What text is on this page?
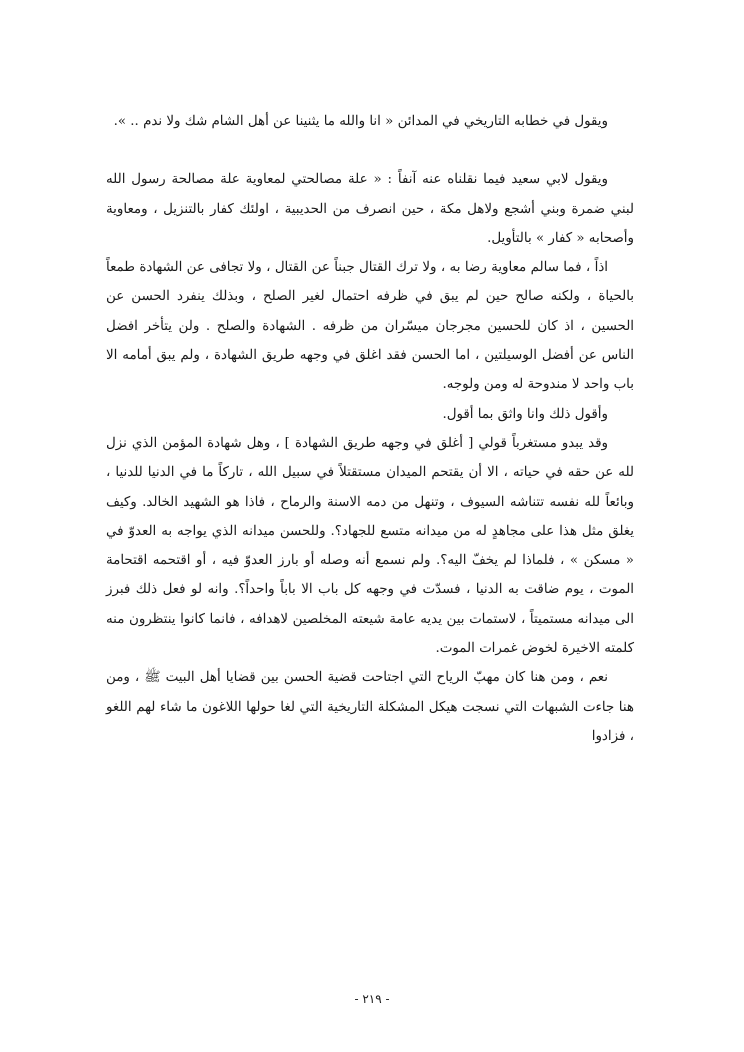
ويقول في خطابه التاريخي في المدائن « انا والله ما يثنينا عن أهل الشام شك ولا ندم .. ».

ويقول لابي سعيد فيما نقلناه عنه آنفاً : « علة مصالحتي لمعاوية علة مصالحة رسول الله لبني ضمرة وبني أشجع ولاهل مكة ، حين انصرف من الحديبية ، اولئك كفار بالتنزيل ، ومعاوية وأصحابه « كفار » بالتأويل.

اذاً ، فما سالم معاوية رضا به ، ولا ترك القتال جبناً عن القتال ، ولا تجافى عن الشهادة طمعاً بالحياة ، ولكنه صالح حين لم يبق في ظرفه احتمال لغير الصلح ، وبذلك ينفرد الحسن عن الحسين ، اذ كان للحسين مجرجان ميسّران من ظرفه . الشهادة والصلح . ولن يتأخر افضل الناس عن أفضل الوسيلتين ، اما الحسن فقد اغلق في وجهه طريق الشهادة ، ولم يبق أمامه الا باب واحد لا مندوحة له ومن ولوجه.

وأقول ذلك وانا واثق بما أقول.

وقد يبدو مستغرباً قولي [ أغلق في وجهه طريق الشهادة ] ، وهل شهادة المؤمن الذي نزل لله عن حقه في حياته ، الا أن يقتحم الميدان مستقتلاً في سبيل الله ، تاركاً ما في الدنيا للدنيا ، وبائعاً لله نفسه تتناشه السيوف ، وتنهل من دمه الاسنة والرماح ، فاذا هو الشهيد الخالد. وكيف يغلق مثل هذا على مجاهدٍ له من ميدانه متسع للجهاد؟. وللحسن ميدانه الذي يواجه به العدوّ في « مسكن » ، فلماذا لم يخفّ اليه؟. ولم نسمع أنه وصله أو بارز العدوّ فيه ، أو اقتحمه اقتحامة الموت ، يوم ضاقت به الدنيا ، فسدّت في وجهه كل باب الا باباً واحداً؟. وانه لو فعل ذلك فبرز الى ميدانه مستميتاً ، لاستمات بين يديه عامة شيعته المخلصين لاهدافه ، فانما كانوا ينتظرون منه كلمته الاخيرة لخوض غمرات الموت.

نعم ، ومن هنا كان مهبّ الرياح التي اجتاحت قضية الحسن بين قضايا أهل البيت ﷺ ، ومن هنا جاءت الشبهات التي نسجت هيكل المشكلة التاريخية التي لغا حولها اللاغون ما شاء لهم اللغو ، فزادوا

- ٢١٩ -
